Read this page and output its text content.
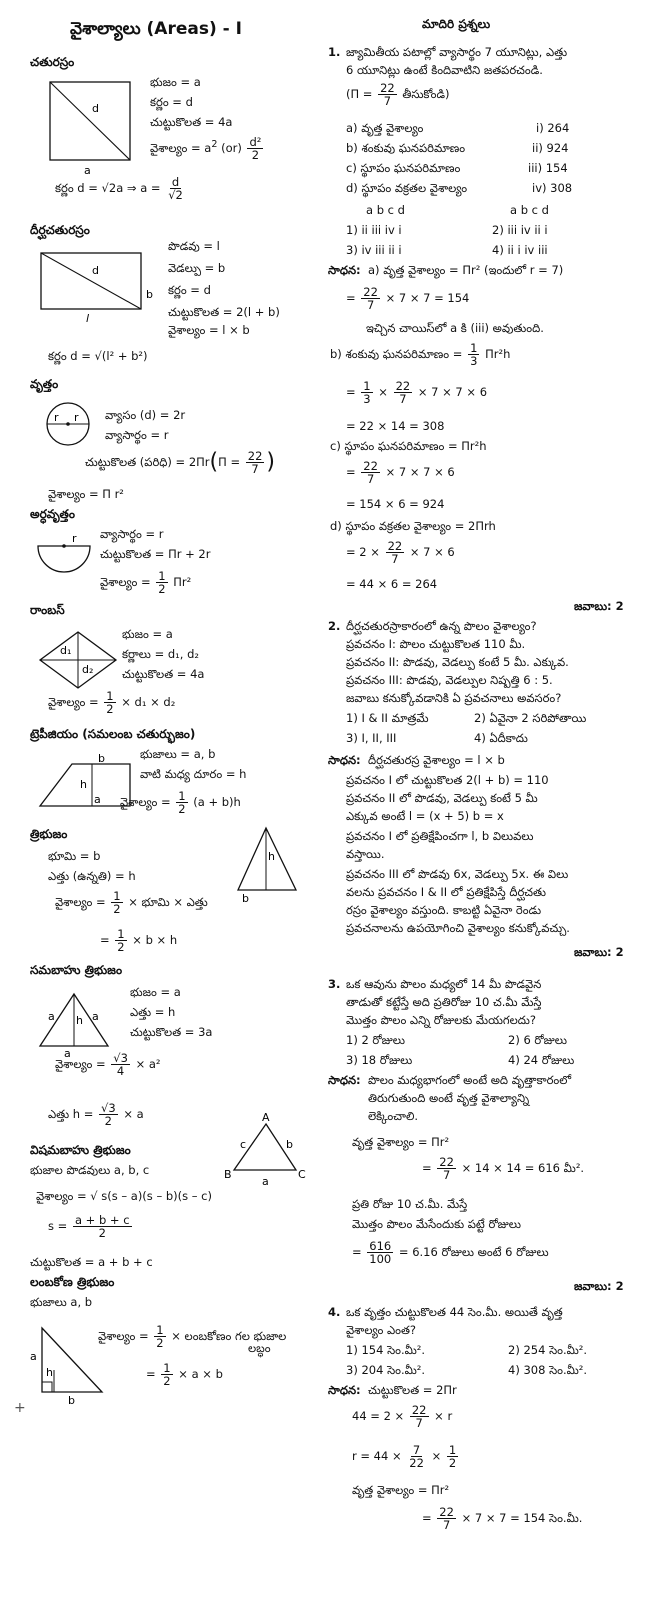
వైశాల్యాలు (Areas) - I
చతురస్రం
d
a
భుజం = a
కర్ణం = d
చుట్టుకొలత = 4a
వైశాల్యం = $a^2$ $(or) \frac{\text{d²}}{2}$
కర్ణం d = √2a ⇒ $a = \frac{d}{√2}$
దీర్ఘచతురస్రం
d
b
l
పొడవు = l
వెడల్పు = b
కర్ణం = d
చుట్టుకొలత = 2(l + b)
వైశాల్యం = l × b
కర్ణం d = √(l² + b²)
వృత్తం
r r వ్యాసం (d) = 2r
వ్యాసార్థం = r
చుట్టుకొలత (పరిధి) = $2\Pi r(\Pi = \frac{22}{7}$ )
వైశాల్యం = Π r²
అర్ధవృత్తం
r వ్యాసార్థం = r
చుట్టుకొలత = Πr + 2r
వైశాల్యం = $\frac{1}{2} \Pi r^2$
రాంబస్
d₁
d₂
భుజం = a
కర్ణాలు = d₁, d₂
చుట్టుకొలత = 4a
వైశాల్యం = $\frac{1}{2} \times d_1 \times d_2$
ట్రెపీజియం (సమలంబ చతుర్భుజం)
b
h
a
భుజాలు = a, b
వాటి మధ్య దూరం = h
వైశాల్యం = $\frac{1}{2} (a + b)h$
త్రిభుజం
భూమి = b
ఎత్తు (ఉన్నతి) = h
వైశాల్యం = $\frac{1}{2}$ × భూమి × ఎత్తు
= $\frac{1}{2} \times b \times h$
h
b
సమబాహు త్రిభుజం
a h a
a
భుజం = a
ఎత్తు = h
చుట్టుకొలత = 3a
వైశాల్యం = $\frac{√3}{4} \times a^2$
ఎత్తు $h = \frac{√3}{2} \times a$	A
B	C
c	b
a
విషమబాహు త్రిభుజం
భుజాల పొడవులు a, b, c
వైశాల్యం = √ s(s – a)(s – b)(s – c)
$s = \frac{a + b + c}{2}$
చుట్టుకొలత = a + b + c
లంబకోణ త్రిభుజం
భుజాలు a, b
a
h
b
వైశాల్యం = $\frac{1}{2}$ × లంబకోణం గల భుజాల
లబ్ధం
= $\frac{1}{2} \times a \times b$
+
మాదిరి ప్రశ్నలు
1. జ్యామితీయ పటాల్లో వ్యాసార్థం 7 యూనిట్లు, ఎత్తు
6 యూనిట్లు ఉంటే కిందివాటిని జతపరచండి.
($\Pi = \frac{22}{7}$ తీసుకోండి)
a) వృత్త వైశాల్యం	i) 264
b) శంకువు ఘనపరిమాణం	ii) 924
c) స్థూపం ఘనపరిమాణం	iii) 154
d) స్థూపం వక్రతల వైశాల్యం	iv) 308
a b c d	a b c d
1) ii iii iv i	2) iii iv ii i
3) iv iii ii i	4) ii i iv iii
సాధన: a) వృత్త వైశాల్యం = Πr² (ఇందులో r = 7)
= $\frac{22}{7} \times 7 \times 7 = 154$
ఇచ్చిన చాయిస్‌లో a కి (iii) అవుతుంది.
b) శంకువు ఘనపరిమాణం = $\frac{1}{3} \Pi r^2h$
= $\frac{1}{3} \times \frac{22}{7} \times 7 \times 7 \times 6$
= 22 × 14 = 308
c) స్థూపం ఘనపరిమాణం = Πr²h
= $\frac{22}{7} \times 7 \times 7 \times 6$
= 154 × 6 = 924
d) స్థూపం వక్రతల వైశాల్యం = 2Πrh
= $2 \times \frac{22}{7} \times 7 \times 6$
= 44 × 6 = 264
జవాబు: 2
2. దీర్ఘచతురస్రాకారంలో ఉన్న పొలం వైశాల్యం?
ప్రవచనం I: పొలం చుట్టుకొలత 110 మీ.
ప్రవచనం II: పొడవు, వెడల్పు కంటే 5 మీ. ఎక్కువ.
ప్రవచనం III: పొడవు, వెడల్పుల నిష్పత్తి 6 : 5.
జవాబు కనుక్కోవడానికి ఏ ప్రవచనాలు అవసరం?
1) I & II మాత్రమే	2) ఏవైనా 2 సరిపోతాయి
3) I, II, III	4) ఏదీకాదు
సాధన: దీర్ఘచతురస్ర వైశాల్యం = l × b
ప్రవచనం I లో చుట్టుకొలత 2(l + b) = 110
ప్రవచనం II లో పొడవు, వెడల్పు కంటే 5 మీ
ఎక్కువ అంటే l = (x + 5) b = x
ప్రవచనం I లో ప్రతిక్షేపించగా l, b విలువలు
వస్తాయి.
ప్రవచనం III లో పొడవు 6x, వెడల్పు 5x. ఈ విలు
వలను ప్రవచనం I & II లో ప్రతిక్షేపిస్తే దీర్ఘచతు
రస్రం వైశాల్యం వస్తుంది. కాబట్టి ఏవైనా రెండు
ప్రవచనాలను ఉపయోగించి వైశాల్యం కనుక్కోవచ్చు.
జవాబు: 2
3. ఒక ఆవును పొలం మధ్యలో 14 మీ పొడవైన
తాడుతో కట్టేస్తే అది ప్రతిరోజు 10 చ.మీ మేస్తే
మొత్తం పొలం ఎన్ని రోజులకు మేయగలదు?
1) 2 రోజులు	2) 6 రోజులు
3) 18 రోజులు	4) 24 రోజులు
సాధన: పొలం మధ్యభాగంలో అంటే అది వృత్తాకారంలో
తిరుగుతుంది అంటే వృత్త వైశాల్యాన్ని
లెక్కించాలి.
వృత్త వైశాల్యం = Πr²
= $\frac{22}{7} \times 14 \times 14 = 616$ మీ².
ప్రతి రోజు 10 చ.మీ. మేస్తే
మొత్తం పొలం మేసేందుకు పట్టే రోజులు
= $\frac{616}{100} = 6.16$ రోజులు అంటే 6 రోజులు
జవాబు: 2
4. ఒక వృత్తం చుట్టుకొలత 44 సెం.మీ. అయితే వృత్త
వైశాల్యం ఎంత?
1) 154 సెం.మీ².	2) 254 సెం.మీ².
3) 204 సెం.మీ².	4) 308 సెం.మీ².
సాధన: చుట్టుకొలత = 2Πr
$44 = 2 \times \frac{22}{7} \times r$
$r = 44 \times \frac{7}{22} \times \frac{1}{2}$
వృత్త వైశాల్యం = Πr²
= $\frac{22}{7} \times 7 \times 7 = 154$ సెం.మీ.
